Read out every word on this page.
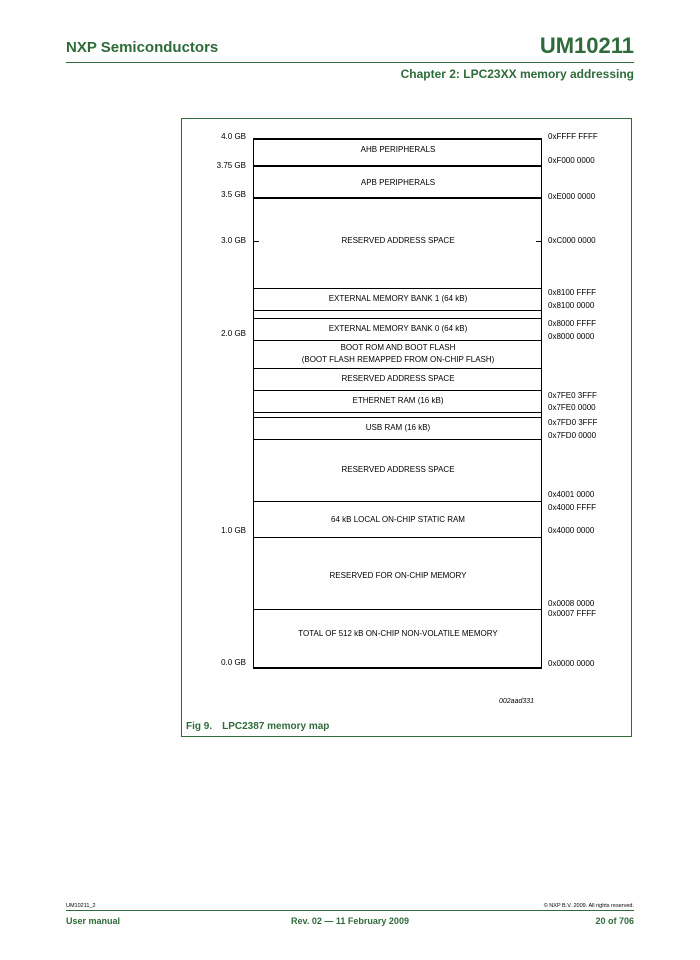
NXP Semiconductors	UM10211
Chapter 2: LPC23XX memory addressing
AHB PERIPHERALS
APB PERIPHERALS
RESERVED ADDRESS SPACE
EXTERNAL MEMORY BANK 1 (64 kB)
EXTERNAL MEMORY BANK 0 (64 kB)
BOOT ROM AND BOOT FLASH
(BOOT FLASH REMAPPED FROM ON-CHIP FLASH)
RESERVED ADDRESS SPACE
ETHERNET RAM (16 kB)
USB RAM (16 kB)
RESERVED ADDRESS SPACE
64 kB LOCAL ON-CHIP STATIC RAM
RESERVED FOR ON-CHIP MEMORY
TOTAL OF 512 kB ON-CHIP NON-VOLATILE MEMORY
4.0 GB
3.75 GB
3.5 GB
3.0 GB
2.0 GB
1.0 GB
0.0 GB
0xFFFF FFFF
0xF000 0000
0xE000 0000
0xC000 0000
0x8100 FFFF
0x8100 0000
0x8000 FFFF
0x8000 0000
0x7FE0 3FFF
0x7FE0 0000
0x7FD0 3FFF
0x7FD0 0000
0x4001 0000
0x4000 FFFF
0x4000 0000
0x0008 0000
0x0007 FFFF
0x0000 0000
002aad331
Fig 9. LPC2387 memory map
UM10211_2	© NXP B.V. 2009. All rights reserved.
User manual	Rev. 02 — 11 February 2009	20 of 706
